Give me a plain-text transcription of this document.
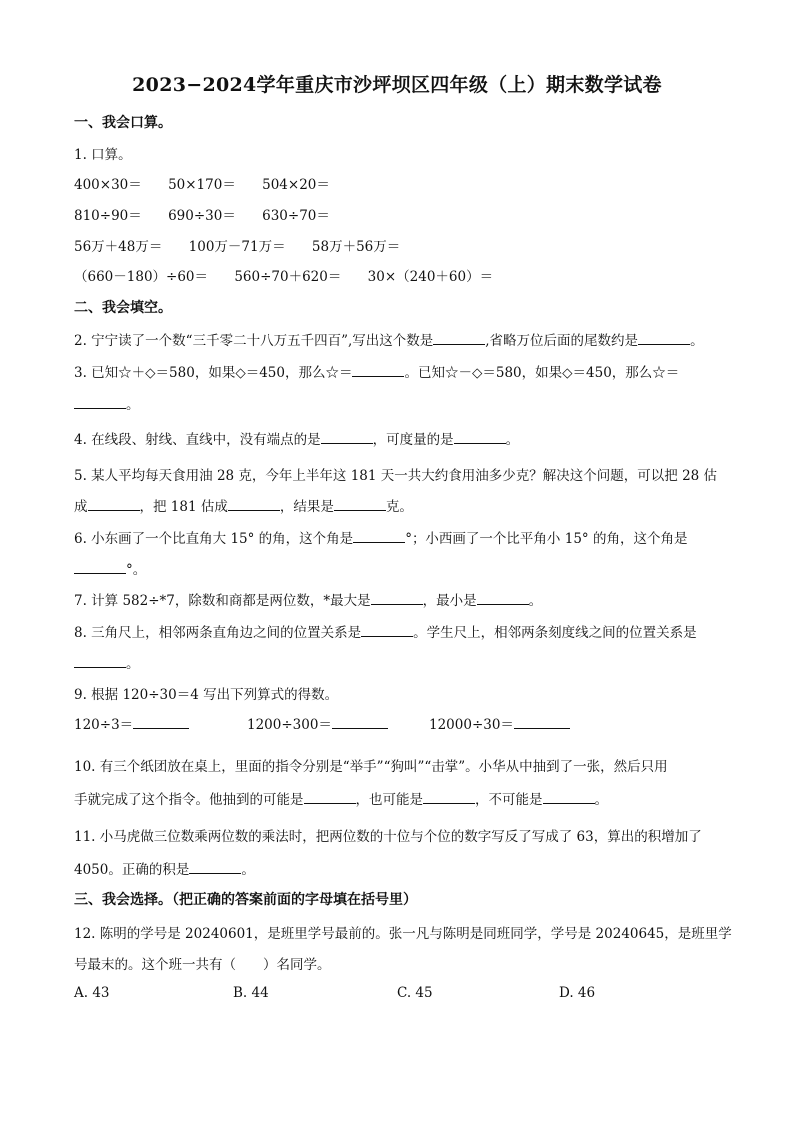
2023−2024学年重庆市沙坪坝区四年级（上）期末数学试卷
一、我会口算。
1. 口算。
400×30＝ 50×170＝ 504×20＝
810÷90＝ 690÷30＝ 630÷70＝
56万＋48万＝ 100万－71万＝ 58万＋56万＝
（660－180）÷60＝ 560÷70＋620＝ 30×（240＋60）＝
二、我会填空。
2. 宁宁读了一个数“三千零二十八万五千四百”,写出这个数是	,省略万位后面的尾数约是	。
3. 已知☆＋◇＝580，如果◇＝450，那么☆＝	。已知☆－◇＝580，如果◇＝450，那么☆＝
。
4. 在线段、射线、直线中，没有端点的是	，可度量的是	。
5. 某人平均每天食用油 28 克，今年上半年这 181 天一共大约食用油多少克？解决这个问题，可以把 28 估
成	，把 181 估成	，结果是	克。
6. 小东画了一个比直角大 15° 的角，这个角是	°；小西画了一个比平角小 15° 的角，这个角是
°。
7. 计算 582÷*7，除数和商都是两位数，*最大是	，最小是	。
8. 三角尺上，相邻两条直角边之间的位置关系是	。学生尺上，相邻两条刻度线之间的位置关系是
。
9. 根据 120÷30＝4 写出下列算式的得数。
120÷3＝	1200÷300＝	12000÷30＝
10. 有三个纸团放在桌上，里面的指令分别是“举手”“狗叫”“击掌”。小华从中抽到了一张，然后只用
手就完成了这个指令。他抽到的可能是	，也可能是	，不可能是	。
11. 小马虎做三位数乘两位数的乘法时，把两位数的十位与个位的数字写反了写成了 63，算出的积增加了
4050。正确的积是	。
三、我会选择。（把正确的答案前面的字母填在括号里）
12. 陈明的学号是 20240601，是班里学号最前的。张一凡与陈明是同班同学，学号是 20240645，是班里学
号最末的。这个班一共有（　　）名同学。
A. 43	B. 44	C. 45	D. 46
